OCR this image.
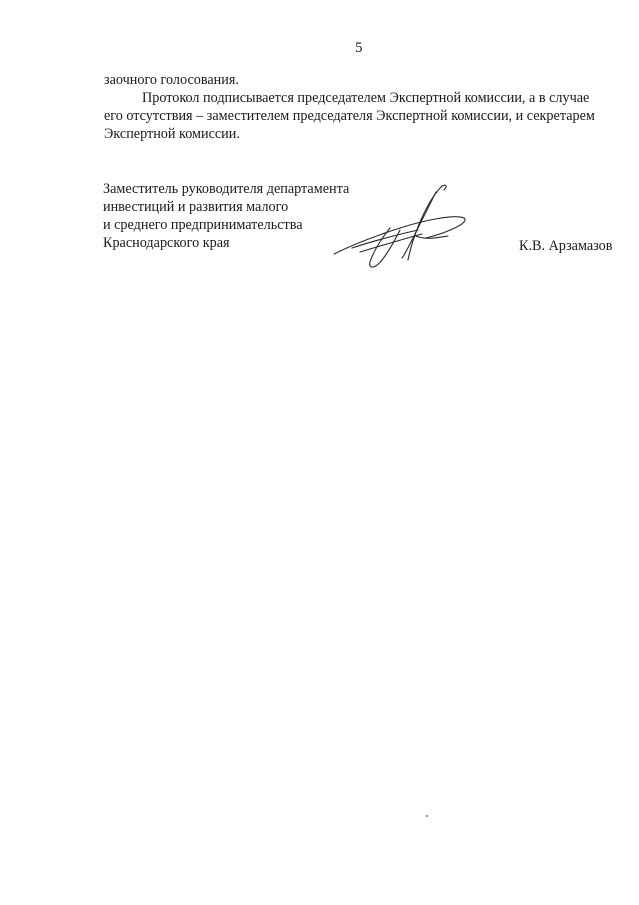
5

заочного голосования.

Протокол подписывается председателем Экспертной комиссии, а в случае
его отсутствия – заместителем председателя Экспертной комиссии, и секретарем
Экспертной комиссии.

Заместитель руководителя департамента
инвестиций и развития малого
и среднего предпринимательства
Краснодарского края	К.В. Арзамазов
